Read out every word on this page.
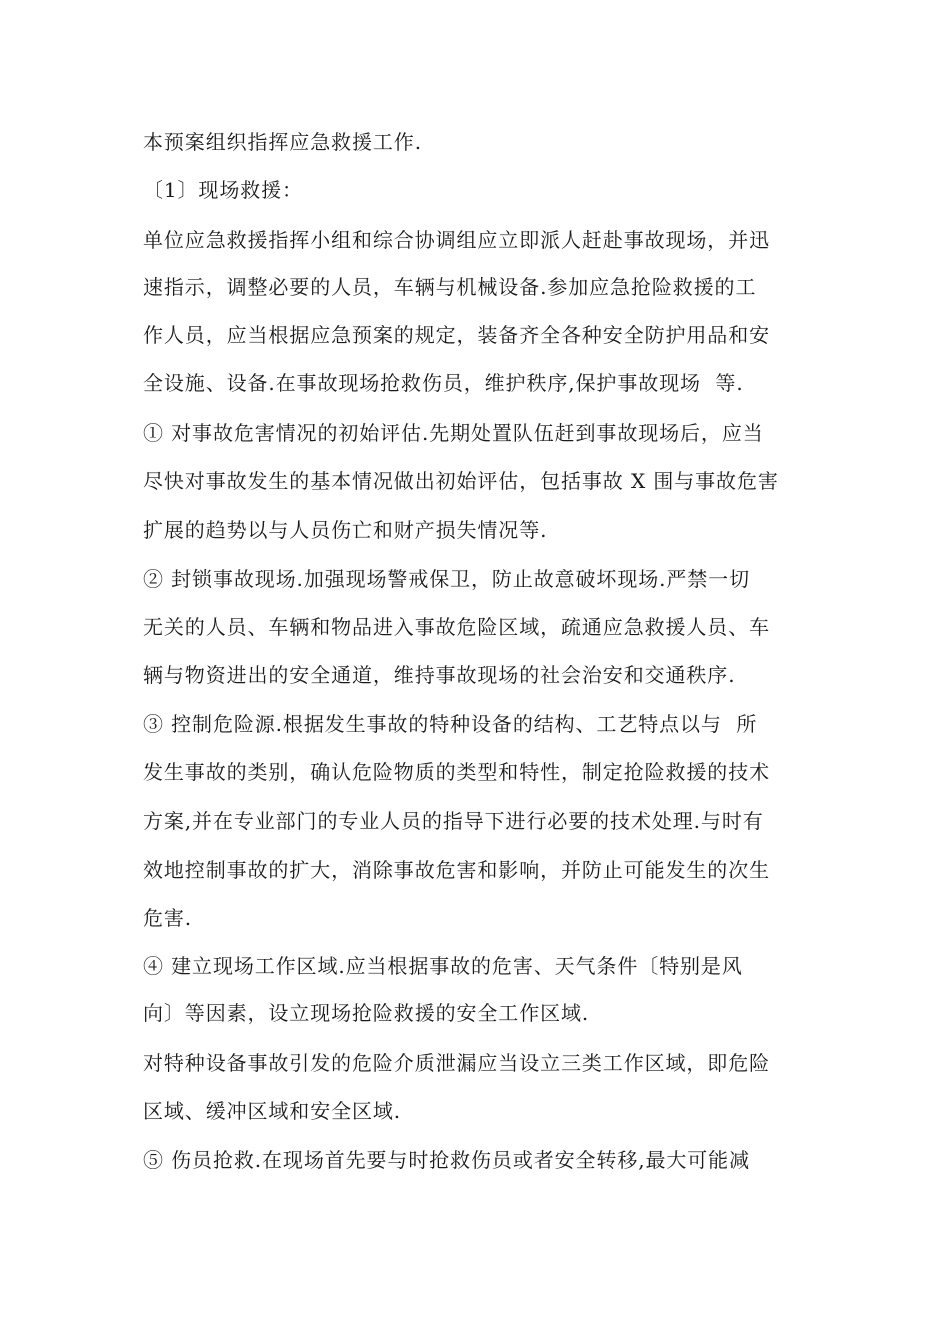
本预案组织指挥应急救援工作.

〔1〕现场救援：

单位应急救援指挥小组和综合协调组应立即派人赶赴事故现场，并迅

速指示，调整必要的人员，车辆与机械设备.参加应急抢险救援的工

作人员，应当根据应急预案的规定，装备齐全各种安全防护用品和安

全设施、设备.在事故现场抢救伤员，维护秩序,保护事故现场  等.

① 对事故危害情况的初始评估.先期处置队伍赶到事故现场后，应当

尽快对事故发生的基本情况做出初始评估，包括事故 X 围与事故危害

扩展的趋势以与人员伤亡和财产损失情况等.

② 封锁事故现场.加强现场警戒保卫，防止故意破坏现场.严禁一切

无关的人员、车辆和物品进入事故危险区域，疏通应急救援人员、车

辆与物资进出的安全通道，维持事故现场的社会治安和交通秩序.

③ 控制危险源.根据发生事故的特种设备的结构、工艺特点以与  所

发生事故的类别，确认危险物质的类型和特性，制定抢险救援的技术

方案,并在专业部门的专业人员的指导下进行必要的技术处理.与时有

效地控制事故的扩大，消除事故危害和影响，并防止可能发生的次生

危害.

④ 建立现场工作区域.应当根据事故的危害、天气条件〔特别是风

向〕等因素，设立现场抢险救援的安全工作区域.

对特种设备事故引发的危险介质泄漏应当设立三类工作区域，即危险

区域、缓冲区域和安全区域.

⑤ 伤员抢救.在现场首先要与时抢救伤员或者安全转移,最大可能减
